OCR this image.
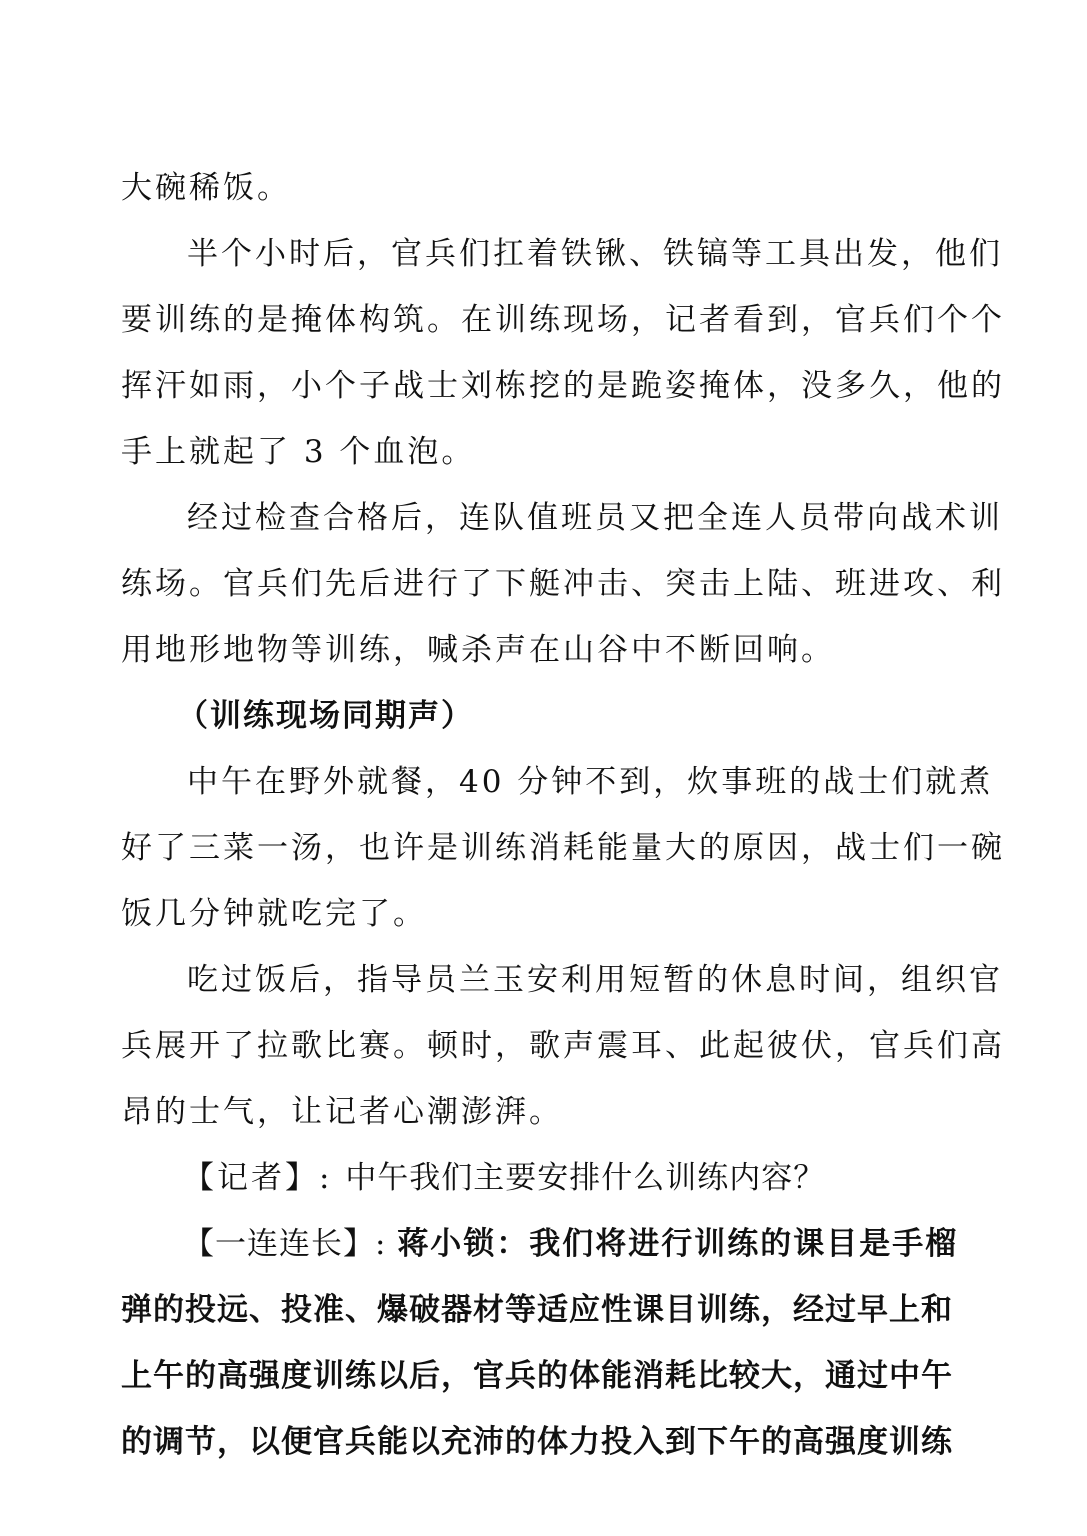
大碗稀饭。
半个小时后，官兵们扛着铁锹、铁镐等工具出发，他们
要训练的是掩体构筑。在训练现场，记者看到，官兵们个个
挥汗如雨，小个子战士刘栋挖的是跪姿掩体，没多久，他的
手上就起了 3 个血泡。
经过检查合格后，连队值班员又把全连人员带向战术训
练场。官兵们先后进行了下艇冲击、突击上陆、班进攻、利
用地形地物等训练，喊杀声在山谷中不断回响。
（训练现场同期声）
中午在野外就餐，40 分钟不到，炊事班的战士们就煮
好了三菜一汤，也许是训练消耗能量大的原因，战士们一碗
饭几分钟就吃完了。
吃过饭后，指导员兰玉安利用短暂的休息时间，组织官
兵展开了拉歌比赛。顿时，歌声震耳、此起彼伏，官兵们高
昂的士气，让记者心潮澎湃。
【记者】: 中午我们主要安排什么训练内容？
【一连连长】: 蒋小锁：我们将进行训练的课目是手榴
弹的投远、投准、爆破器材等适应性课目训练，经过早上和
上午的高强度训练以后，官兵的体能消耗比较大，通过中午
的调节，以便官兵能以充沛的体力投入到下午的高强度训练
